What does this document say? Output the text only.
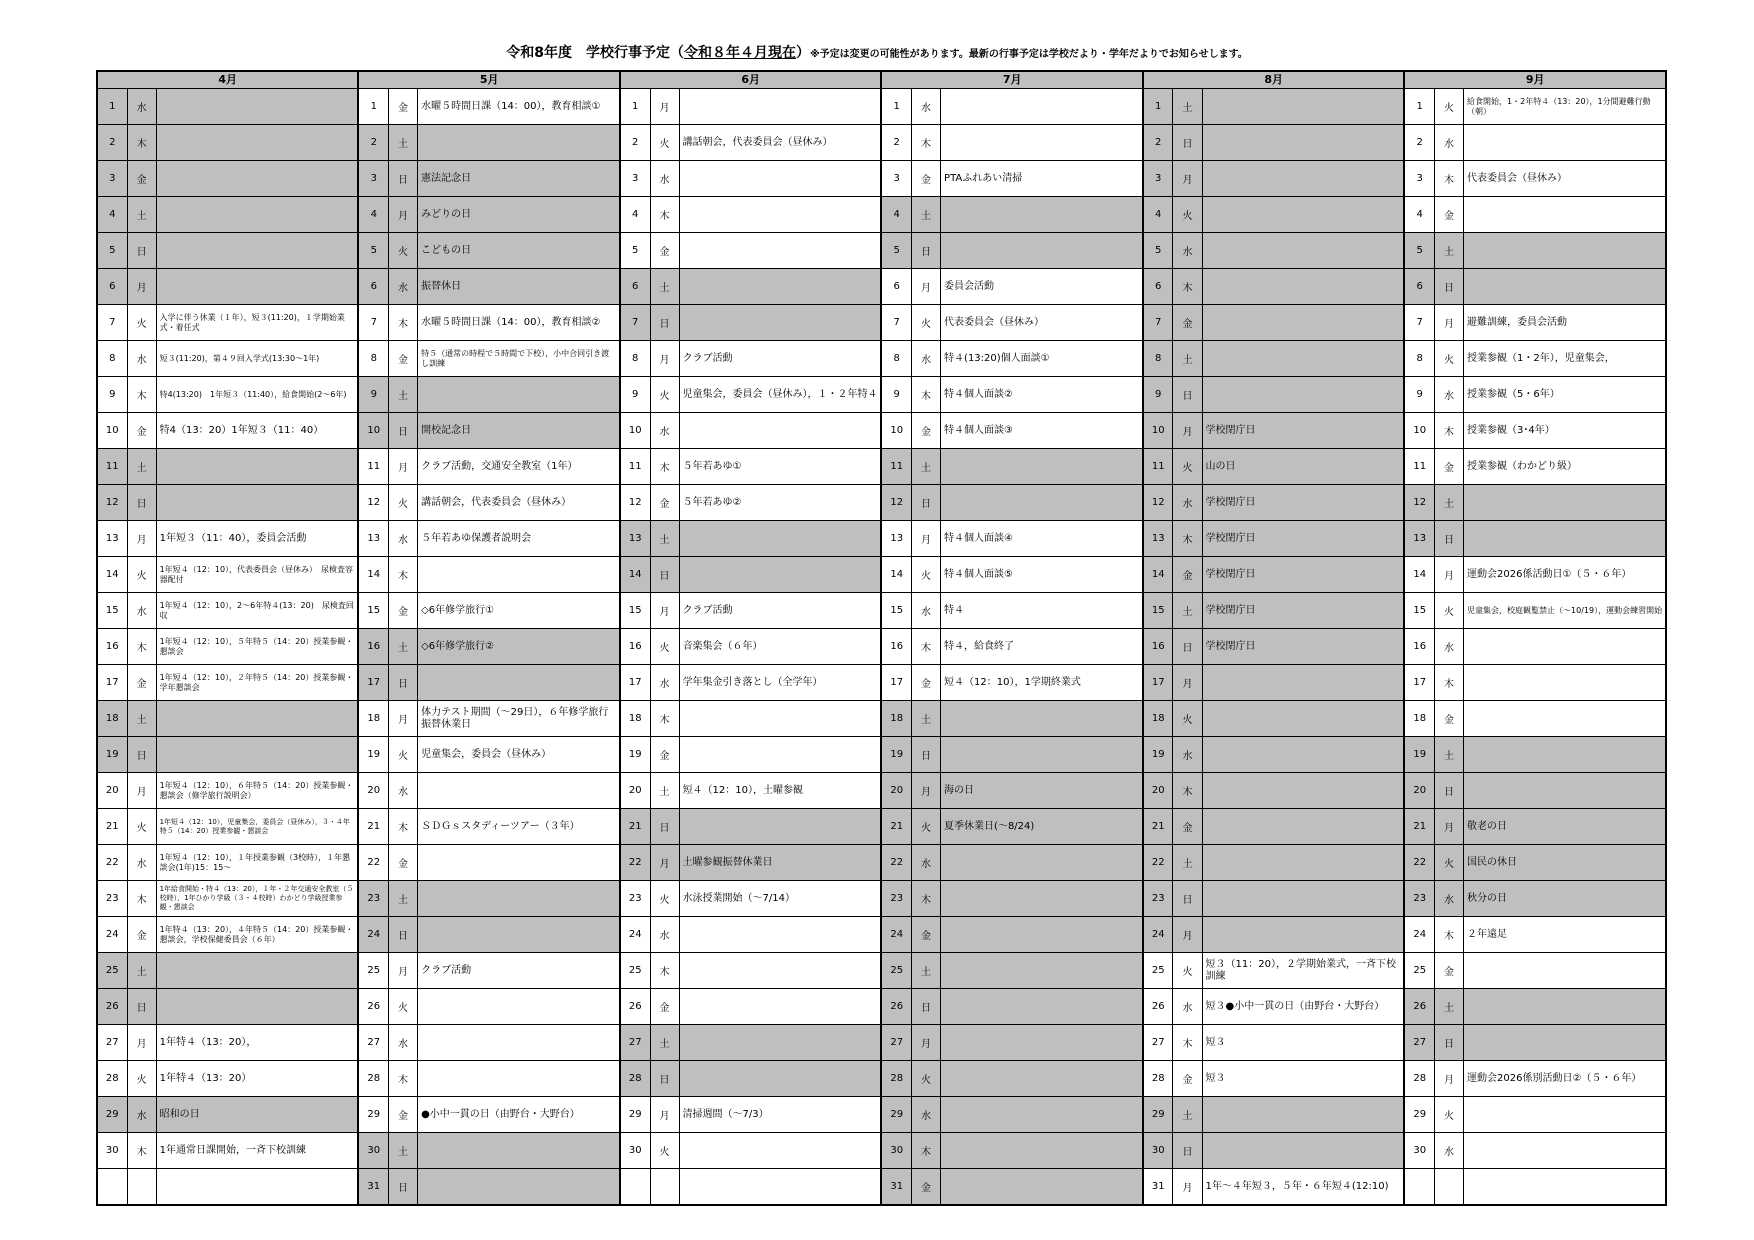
令和8年度　学校行事予定（令和８年４月現在）※予定は変更の可能性があります。最新の行事予定は学校だより・学年だよりでお知らせします。
4月			5月			6月			7月			8月			9月		
1	水		1	金	水曜５時間日課（14：00），教育相談①	1	月		1	水		1	土		1	火	給食開始，1・2年特４（13：20），1分間避難行動（朝）
2	木		2	土		2	火	講話朝会，代表委員会（昼休み）	2	木		2	日		2	水	
3	金		3	日	憲法記念日	3	水		3	金	PTAふれあい清掃	3	月		3	木	代表委員会（昼休み）
4	土		4	月	みどりの日	4	木		4	土		4	火		4	金	
5	日		5	火	こどもの日	5	金		5	日		5	水		5	土	
6	月		6	水	振替休日	6	土		6	月	委員会活動	6	木		6	日	
7	火	入学に伴う休業（１年），短３(11:20)，１学期始業式・着任式	7	木	水曜５時間日課（14：00），教育相談②	7	日		7	火	代表委員会（昼休み）	7	金		7	月	避難訓練，委員会活動
8	水	短３(11:20)，第４９回入学式(13:30〜1年)	8	金	特５（通常の時程で５時間で下校），小中合同引き渡し訓練	8	月	クラブ活動	8	水	特４(13:20)個人面談①	8	土		8	火	授業参観（1・2年），児童集会，
9	木	特4(13:20)　1年短３（11:40），給食開始(2〜6年)	9	土		9	火	児童集会，委員会（昼休み），１・２年特４	9	木	特４個人面談②	9	日		9	水	授業参観（5・6年）
10	金	特4（13：20）1年短３（11：40）	10	日	開校記念日	10	水		10	金	特４個人面談③	10	月	学校閉庁日	10	木	授業参観（3･4年）
11	土		11	月	クラブ活動，交通安全教室（1年）	11	木	５年若あゆ①	11	土		11	火	山の日	11	金	授業参観（わかどり級）
12	日		12	火	講話朝会，代表委員会（昼休み）	12	金	５年若あゆ②	12	日		12	水	学校閉庁日	12	土	
13	月	1年短３（11：40），委員会活動	13	水	５年若あゆ保護者説明会	13	土		13	月	特４個人面談④	13	木	学校閉庁日	13	日	
14	火	1年短４（12：10），代表委員会（昼休み）　尿検査容器配付	14	木		14	日		14	火	特４個人面談⑤	14	金	学校閉庁日	14	月	運動会2026係活動日①（５・６年）
15	水	1年短４（12：10），2〜6年特４(13：20)　尿検査回収	15	金	◇6年修学旅行①	15	月	クラブ活動	15	水	特４	15	土	学校閉庁日	15	火	児童集会，校庭観覧禁止（〜10/19），運動会練習開始
16	木	1年短４（12：10），５年特５（14：20）授業参観・懇談会	16	土	◇6年修学旅行②	16	火	音楽集会（６年）	16	木	特４，給食終了	16	日	学校閉庁日	16	水	
17	金	1年短４（12：10），２年特５（14：20）授業参観・学年懇談会	17	日		17	水	学年集金引き落とし（全学年）	17	金	短４（12：10），1学期終業式	17	月		17	木	
18	土		18	月	体力テスト期間（〜29日），６年修学旅行振替休業日	18	木		18	土		18	火		18	金	
19	日		19	火	児童集会，委員会（昼休み）	19	金		19	日		19	水		19	土	
20	月	1年短４（12：10），６年特５（14：20）授業参観・懇談会（修学旅行説明会）	20	水		20	土	短４（12：10），土曜参観	20	月	海の日	20	木		20	日	
21	火	1年短４（12：10），児童集会，委員会（昼休み），３・４年特５（14：20）授業参観・懇談会	21	木	ＳＤＧｓスタディーツアー（３年）	21	日		21	火	夏季休業日(〜8/24)	21	金		21	月	敬老の日
22	水	1年短４（12：10），１年授業参観（3校時），１年懇談会(1年)15：15〜	22	金		22	月	土曜参観振替休業日	22	水		22	土		22	火	国民の休日
23	木	1年給食開始・特４（13：20），１年・２年交通安全教室（５校時），1年ひかり学級（３・４校時）わかどり学級授業参観・懇談会	23	土		23	火	水泳授業開始（〜7/14）	23	木		23	日		23	水	秋分の日
24	金	1年特４（13：20），４年特５（14：20）授業参観・懇談会，学校保健委員会（６年）	24	日		24	水		24	金		24	月		24	木	２年遠足
25	土		25	月	クラブ活動	25	木		25	土		25	火	短３（11：20），２学期始業式，一斉下校訓練	25	金	
26	日		26	火		26	金		26	日		26	水	短３●小中一貫の日（由野台・大野台）	26	土	
27	月	1年特４（13：20），	27	水		27	土		27	月		27	木	短３	27	日	
28	火	1年特４（13：20）	28	木		28	日		28	火		28	金	短３	28	月	運動会2026係別活動日②（５・６年）
29	水	昭和の日	29	金	●小中一貫の日（由野台・大野台）	29	月	清掃週間（〜7/3）	29	水		29	土		29	火	
30	木	1年通常日課開始，一斉下校訓練	30	土		30	火		30	木		30	日		30	水	
			31	日					31	金		31	月	1年〜４年短３，５年・６年短４(12:10)			
